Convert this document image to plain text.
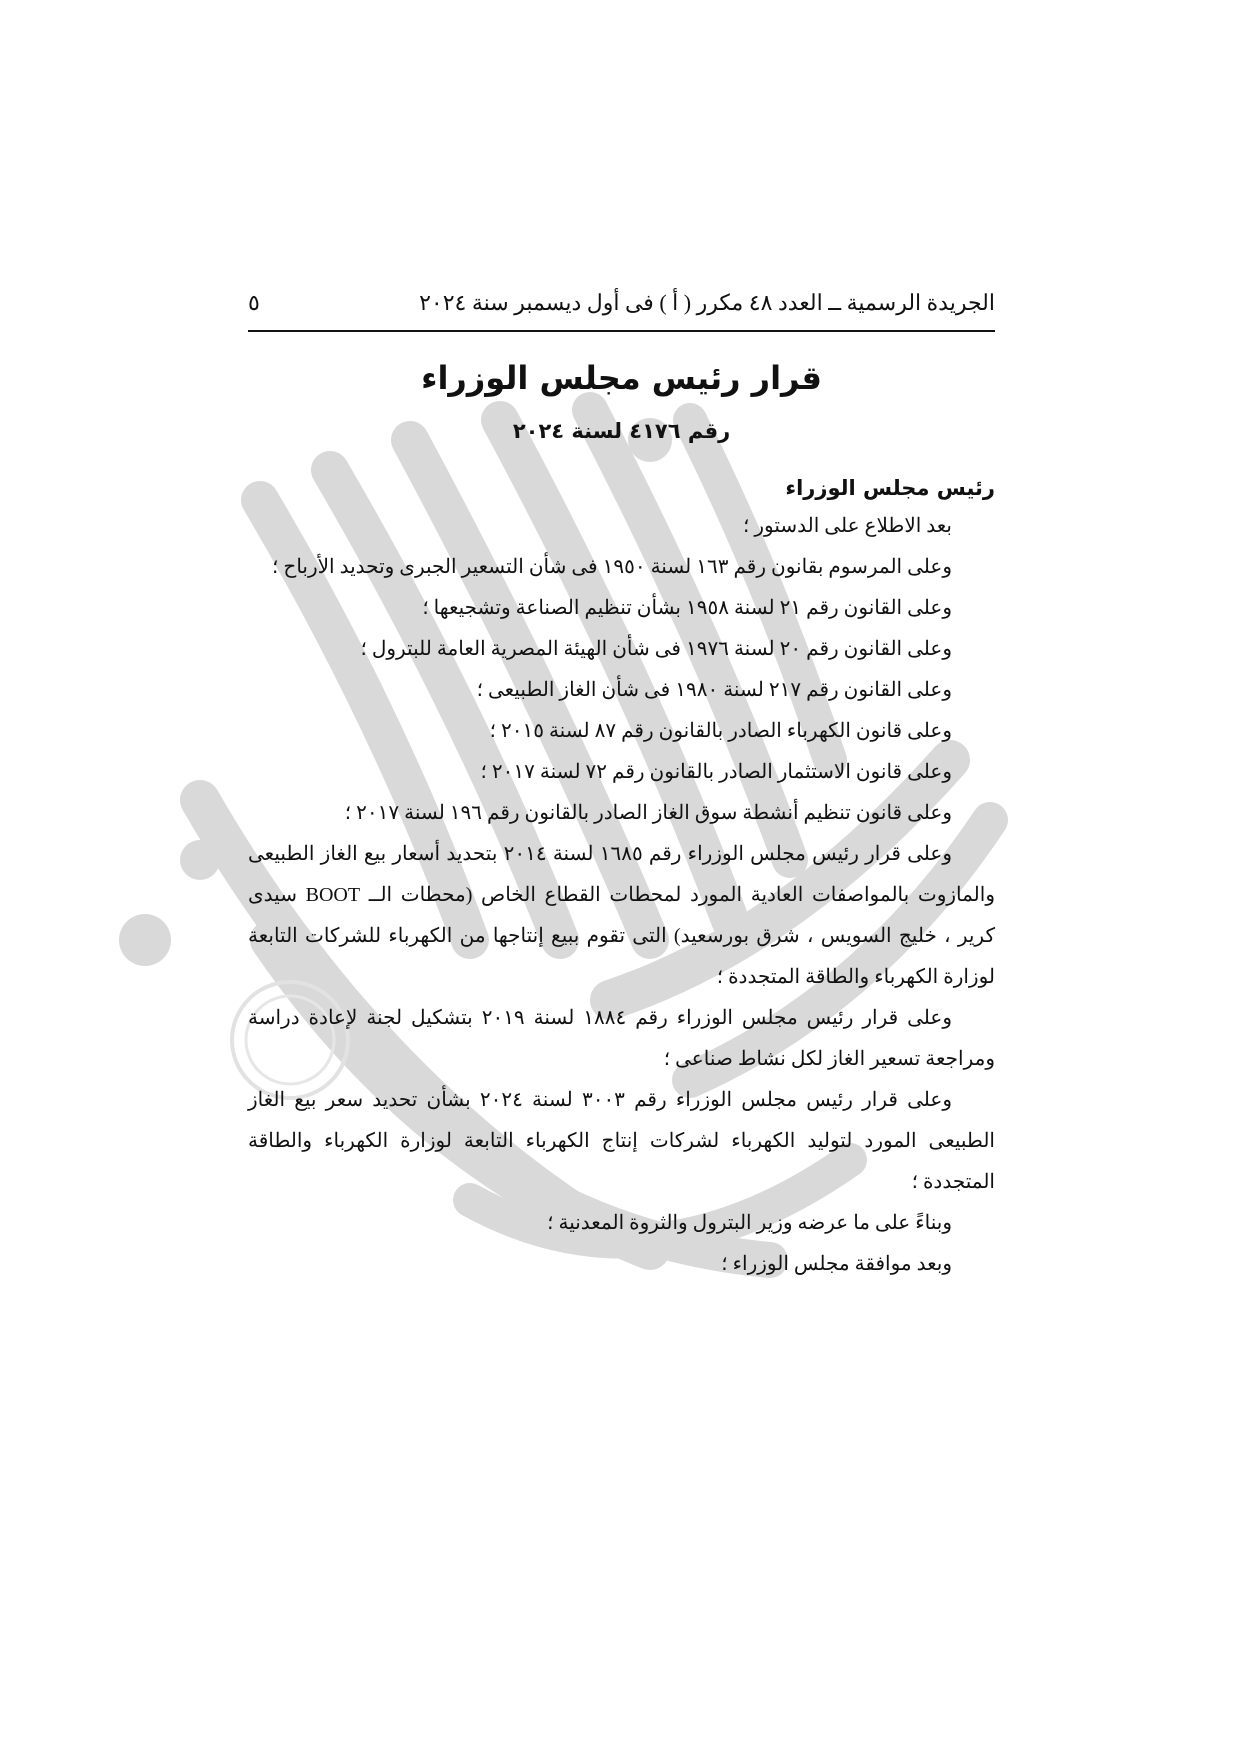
الجريدة الرسمية ــ العدد ٤٨ مكرر ( أ ) فى أول ديسمبر سنة ٢٠٢٤
٥
قرار رئيس مجلس الوزراء
رقم ٤١٧٦ لسنة ٢٠٢٤
رئيس مجلس الوزراء

بعد الاطلاع على الدستور ؛

وعلى المرسوم بقانون رقم ١٦٣ لسنة ١٩٥٠ فى شأن التسعير الجبرى وتحديد الأرباح ؛

وعلى القانون رقم ٢١ لسنة ١٩٥٨ بشأن تنظيم الصناعة وتشجيعها ؛

وعلى القانون رقم ٢٠ لسنة ١٩٧٦ فى شأن الهيئة المصرية العامة للبترول ؛

وعلى القانون رقم ٢١٧ لسنة ١٩٨٠ فى شأن الغاز الطبيعى ؛

وعلى قانون الكهرباء الصادر بالقانون رقم ٨٧ لسنة ٢٠١٥ ؛

وعلى قانون الاستثمار الصادر بالقانون رقم ٧٢ لسنة ٢٠١٧ ؛

وعلى قانون تنظيم أنشطة سوق الغاز الصادر بالقانون رقم ١٩٦ لسنة ٢٠١٧ ؛

وعلى قرار رئيس مجلس الوزراء رقم ١٦٨٥ لسنة ٢٠١٤ بتحديد أسعار بيع الغاز الطبيعى والمازوت بالمواصفات العادية المورد لمحطات القطاع الخاص (محطات الــ BOOT سيدى كرير ، خليج السويس ، شرق بورسعيد) التى تقوم ببيع إنتاجها من الكهرباء للشركات التابعة لوزارة الكهرباء والطاقة المتجددة ؛

وعلى قرار رئيس مجلس الوزراء رقم ١٨٨٤ لسنة ٢٠١٩ بتشكيل لجنة لإعادة دراسة ومراجعة تسعير الغاز لكل نشاط صناعى ؛

وعلى قرار رئيس مجلس الوزراء رقم ٣٠٠٣ لسنة ٢٠٢٤ بشأن تحديد سعر بيع الغاز الطبيعى المورد لتوليد الكهرباء لشركات إنتاج الكهرباء التابعة لوزارة الكهرباء والطاقة المتجددة ؛

وبناءً على ما عرضه وزير البترول والثروة المعدنية ؛

وبعد موافقة مجلس الوزراء ؛
